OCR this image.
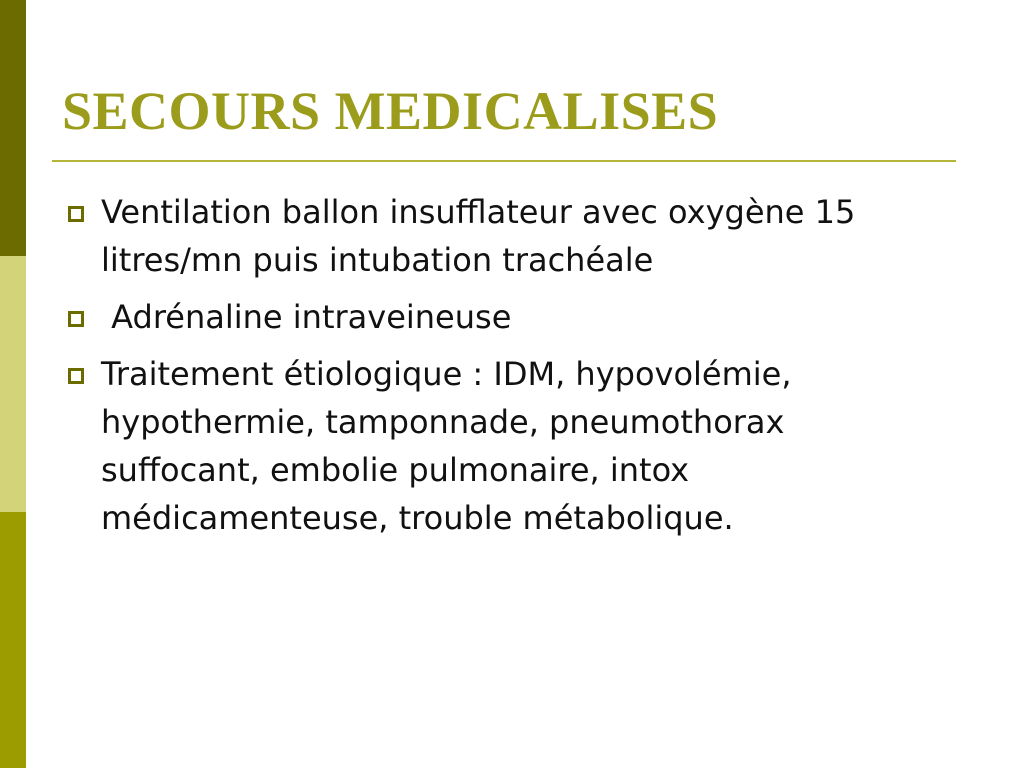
SECOURS MEDICALISES
Ventilation ballon insufflateur avec oxygène 15 litres/mn puis intubation trachéale
Adrénaline intraveineuse
Traitement étiologique : IDM, hypovolémie, hypothermie, tamponnade, pneumothorax suffocant, embolie pulmonaire, intox médicamenteuse, trouble métabolique.
